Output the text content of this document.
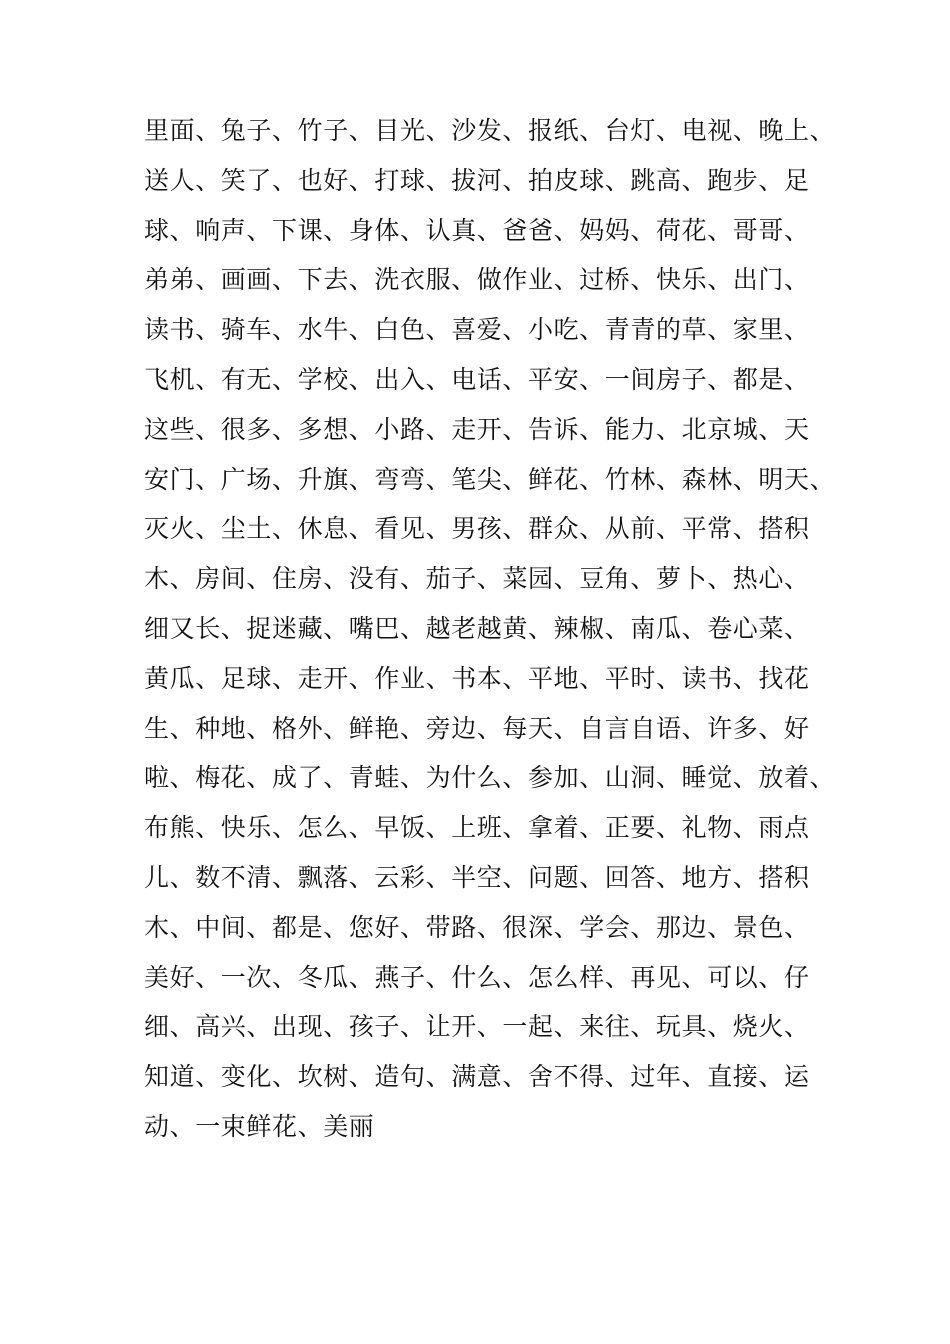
里面、兔子、竹子、目光、沙发、报纸、台灯、电视、晚上、
送人、笑了、也好、打球、拔河、拍皮球、跳高、跑步、足
球、响声、下课、身体、认真、爸爸、妈妈、荷花、哥哥、
弟弟、画画、下去、洗衣服、做作业、过桥、快乐、出门、
读书、骑车、水牛、白色、喜爱、小吃、青青的草、家里、
飞机、有无、学校、出入、电话、平安、一间房子、都是、
这些、很多、多想、小路、走开、告诉、能力、北京城、天
安门、广场、升旗、弯弯、笔尖、鲜花、竹林、森林、明天、
灭火、尘土、休息、看见、男孩、群众、从前、平常、搭积
木、房间、住房、没有、茄子、菜园、豆角、萝卜、热心、
细又长、捉迷藏、嘴巴、越老越黄、辣椒、南瓜、卷心菜、
黄瓜、足球、走开、作业、书本、平地、平时、读书、找花
生、种地、格外、鲜艳、旁边、每天、自言自语、许多、好
啦、梅花、成了、青蛙、为什么、参加、山洞、睡觉、放着、
布熊、快乐、怎么、早饭、上班、拿着、正要、礼物、雨点
儿、数不清、飘落、云彩、半空、问题、回答、地方、搭积
木、中间、都是、您好、带路、很深、学会、那边、景色、
美好、一次、冬瓜、燕子、什么、怎么样、再见、可以、仔
细、高兴、出现、孩子、让开、一起、来往、玩具、烧火、
知道、变化、坎树、造句、满意、舍不得、过年、直接、运
动、一束鲜花、美丽
